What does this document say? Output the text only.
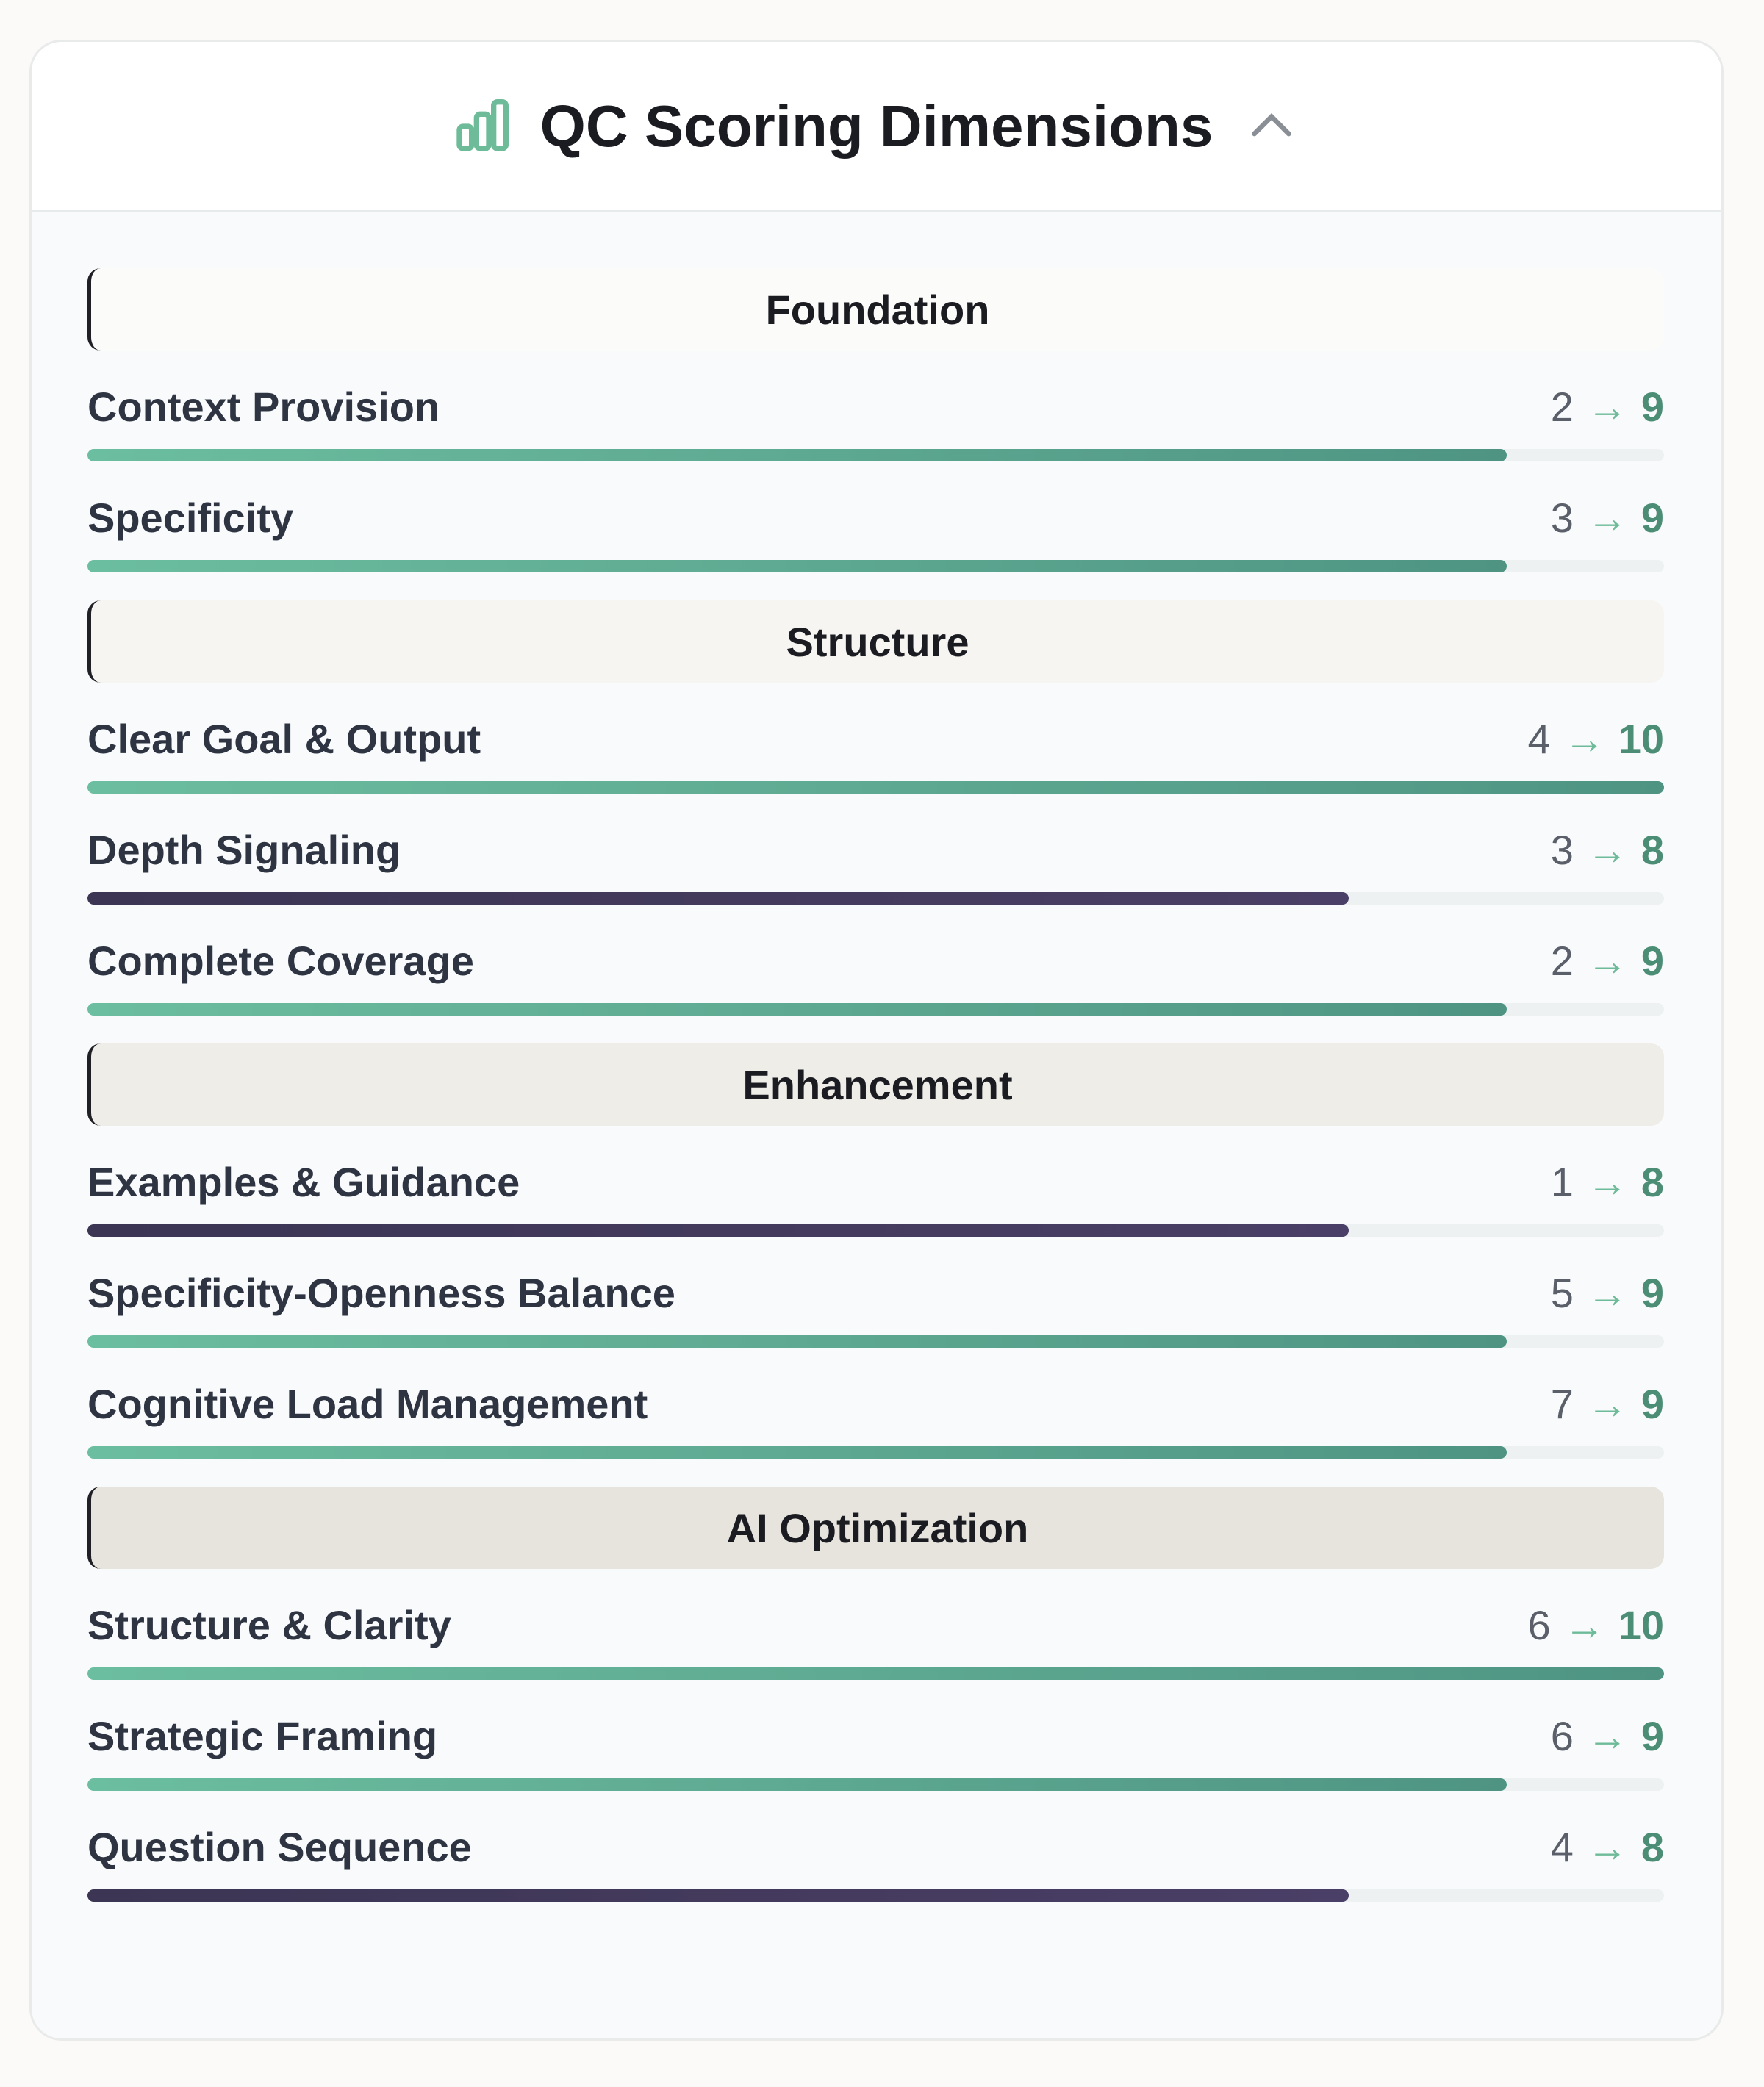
QC Scoring Dimensions
Foundation
Context Provision	2 → 9
Specificity	3 → 9
Structure
Clear Goal & Output	4 → 10
Depth Signaling	3 → 8
Complete Coverage	2 → 9
Enhancement
Examples & Guidance	1 → 8
Specificity-Openness Balance	5 → 9
Cognitive Load Management	7 → 9
AI Optimization
Structure & Clarity	6 → 10
Strategic Framing	6 → 9
Question Sequence	4 → 8
